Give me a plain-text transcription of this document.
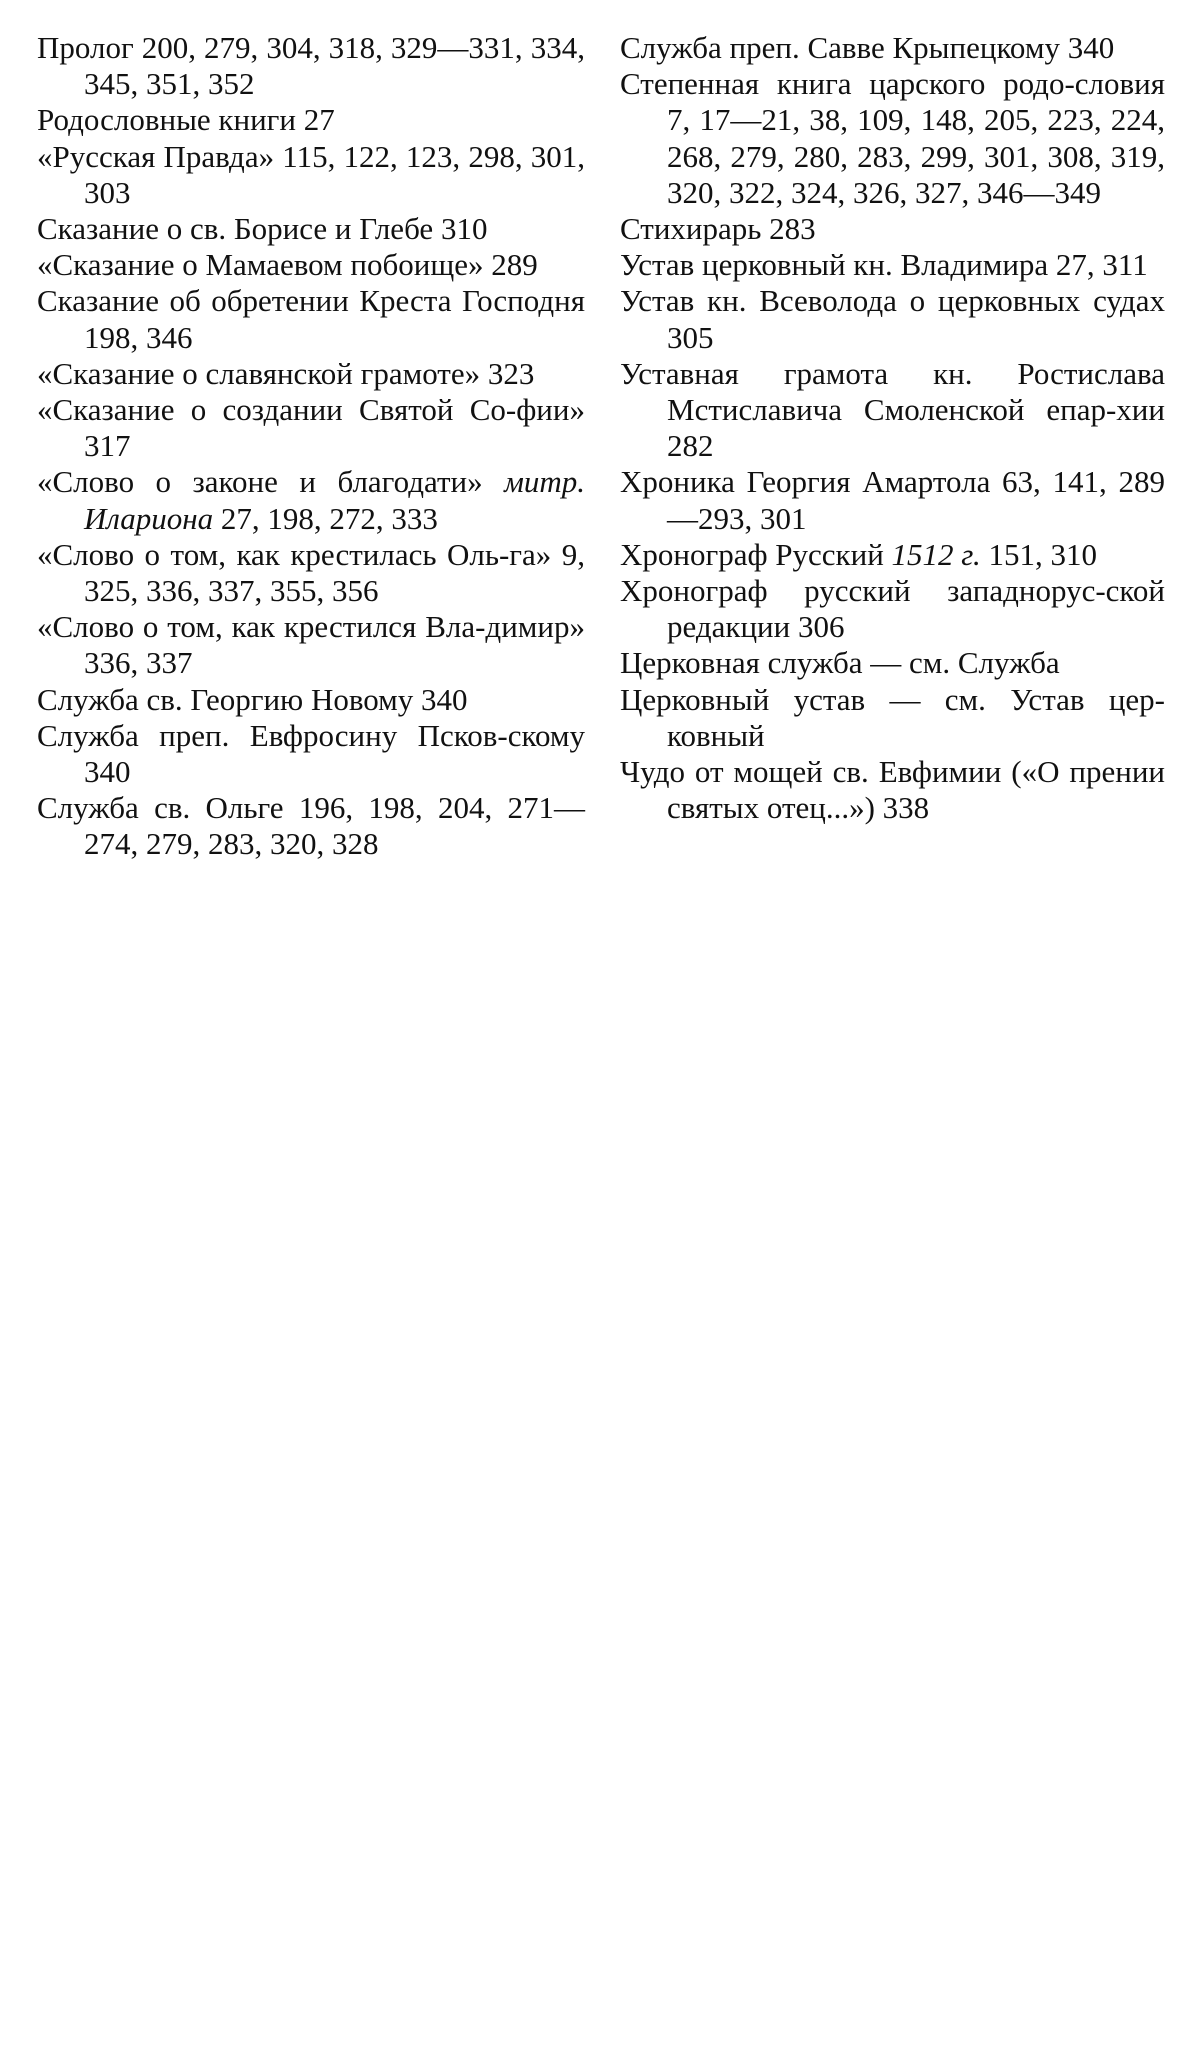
Пролог 200, 279, 304, 318, 329—331, 334, 345, 351, 352

Родословные книги 27

«Русская Правда» 115, 122, 123, 298, 301, 303

Сказание о св. Борисе и Глебе 310

«Сказание о Мамаевом побоище» 289

Сказание об обретении Креста Господня 198, 346

«Сказание о славянской грамоте» 323

«Сказание о создании Святой Со-фии» 317

«Слово о законе и благодати» митр. Илариона 27, 198, 272, 333

«Слово о том, как крестилась Оль-га» 9, 325, 336, 337, 355, 356

«Слово о том, как крестился Вла-димир» 336, 337

Служба св. Георгию Новому 340

Служба преп. Евфросину Псков-скому 340

Служба св. Ольге 196, 198, 204, 271—274, 279, 283, 320, 328

Служба преп. Савве Крыпецкому 340

Степенная книга царского родо-словия 7, 17—21, 38, 109, 148, 205, 223, 224, 268, 279, 280, 283, 299, 301, 308, 319, 320, 322, 324, 326, 327, 346—349

Стихирарь 283

Устав церковный кн. Владимира 27, 311

Устав кн. Всеволода о церковных судах 305

Уставная грамота кн. Ростислава Мстиславича Смоленской епар-хии 282

Хроника Георгия Амартола 63, 141, 289—293, 301

Хронограф Русский 1512 г. 151, 310

Хронограф русский западнорус-ской редакции 306

Церковная служба — см. Служба

Церковный устав — см. Устав цер-ковный

Чудо от мощей св. Евфимии («О прении святых отец...») 338
